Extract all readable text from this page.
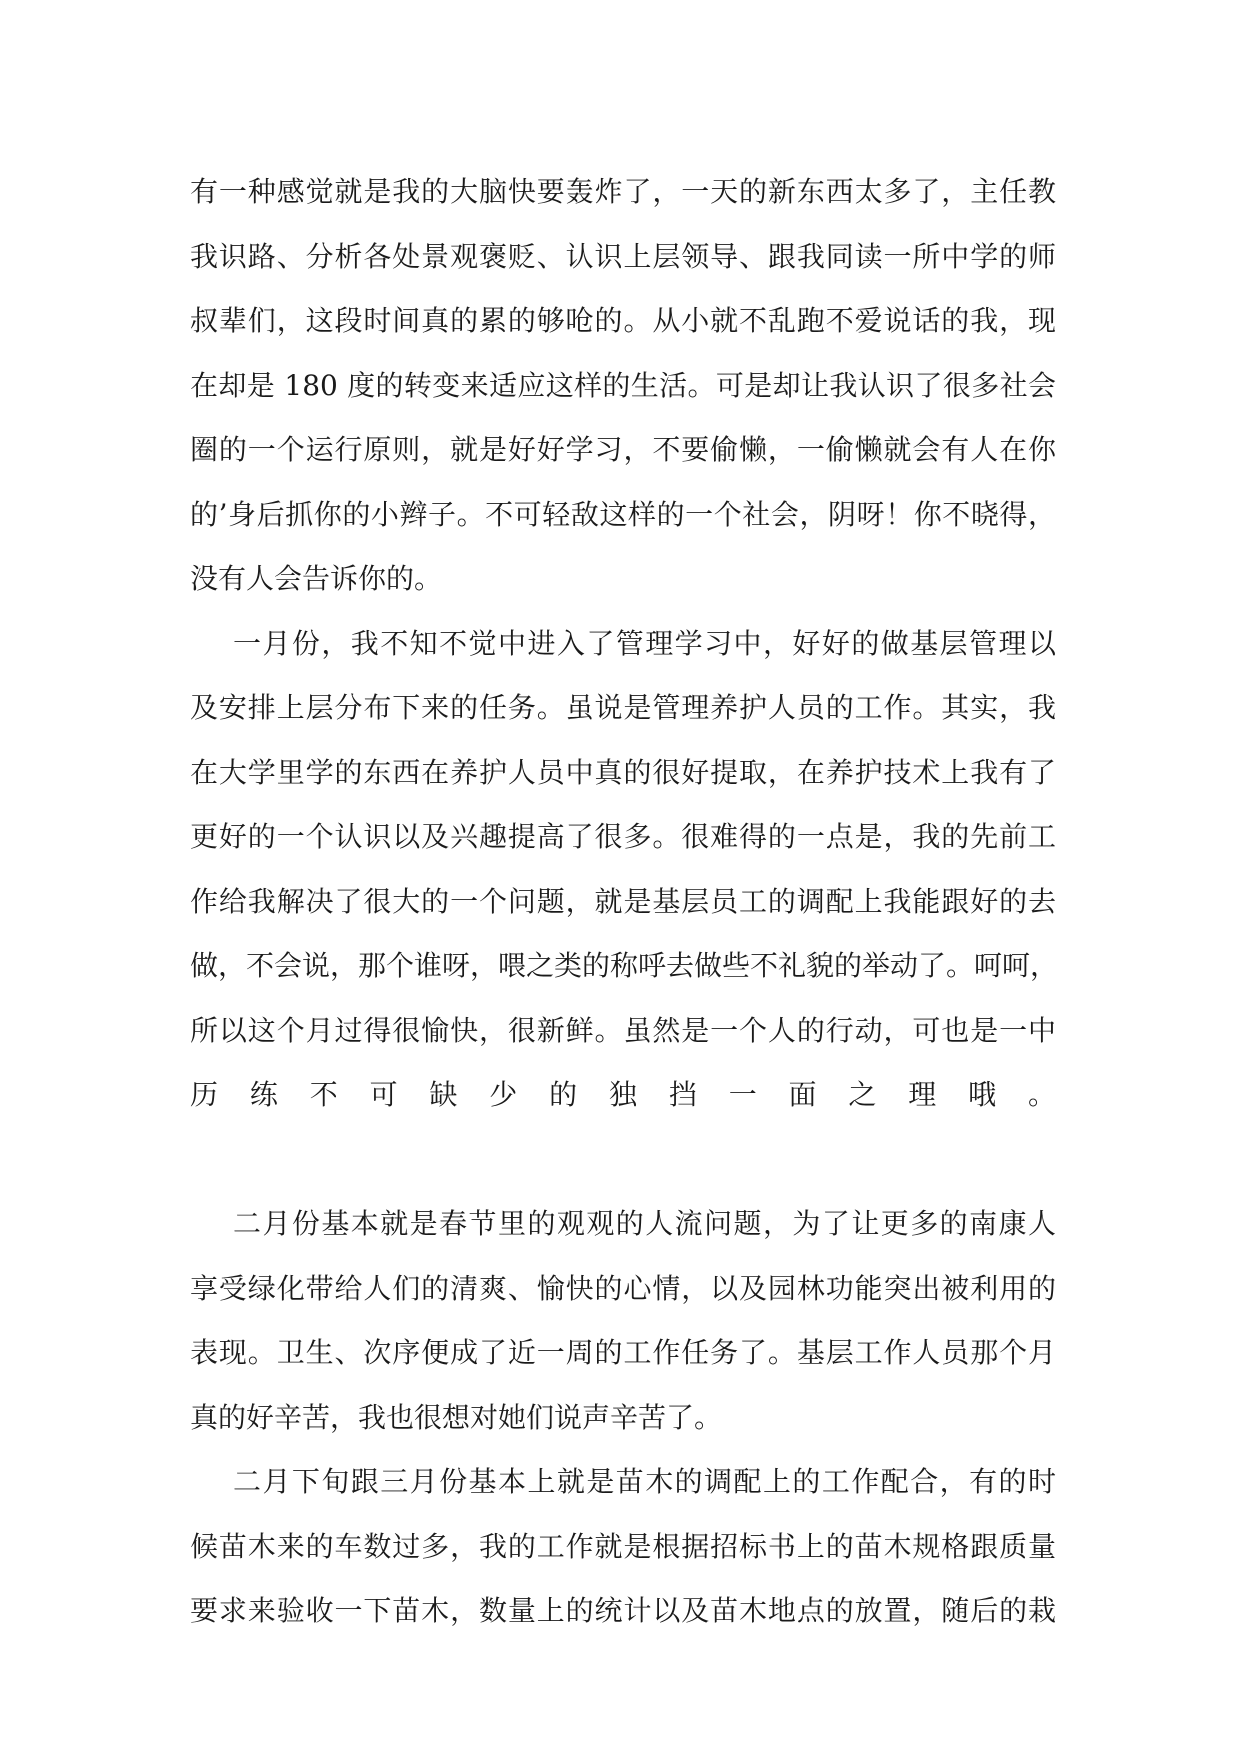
有一种感觉就是我的大脑快要轰炸了，一天的新东西太多了，主任教
我识路、分析各处景观褒贬、认识上层领导、跟我同读一所中学的师
叔辈们，这段时间真的累的够呛的。从小就不乱跑不爱说话的我，现
在却是 180 度的转变来适应这样的生活。可是却让我认识了很多社会
圈的一个运行原则，就是好好学习，不要偷懒，一偷懒就会有人在你
的’身后抓你的小辫子。不可轻敌这样的一个社会，阴呀！你不晓得，
没有人会告诉你的。
一月份，我不知不觉中进入了管理学习中，好好的做基层管理以
及安排上层分布下来的任务。虽说是管理养护人员的工作。其实，我
在大学里学的东西在养护人员中真的很好提取，在养护技术上我有了
更好的一个认识以及兴趣提高了很多。很难得的一点是，我的先前工
作给我解决了很大的一个问题，就是基层员工的调配上我能跟好的去
做，不会说，那个谁呀，喂之类的称呼去做些不礼貌的举动了。呵呵，
所以这个月过得很愉快，很新鲜。虽然是一个人的行动，可也是一中
历练不可缺少的独挡一面之理哦。
二月份基本就是春节里的观观的人流问题，为了让更多的南康人
享受绿化带给人们的清爽、愉快的心情，以及园林功能突出被利用的
表现。卫生、次序便成了近一周的工作任务了。基层工作人员那个月
真的好辛苦，我也很想对她们说声辛苦了。
二月下旬跟三月份基本上就是苗木的调配上的工作配合，有的时
候苗木来的车数过多，我的工作就是根据招标书上的苗木规格跟质量
要求来验收一下苗木，数量上的统计以及苗木地点的放置，随后的栽
